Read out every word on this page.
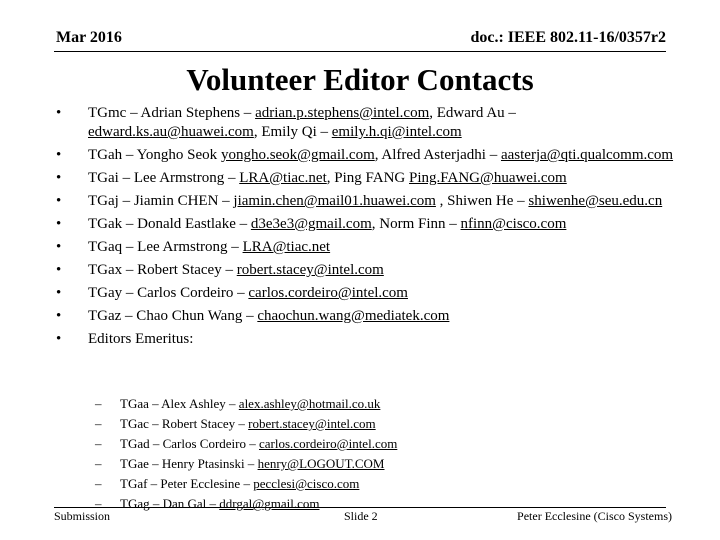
Mar 2016	doc.: IEEE 802.11-16/0357r2
Volunteer Editor Contacts
• TGmc – Adrian Stephens – adrian.p.stephens@intel.com, Edward Au – edward.ks.au@huawei.com, Emily Qi – emily.h.qi@intel.com
• TGah – Yongho Seok yongho.seok@gmail.com, Alfred Asterjadhi – aasterja@qti.qualcomm.com
• TGai – Lee Armstrong – LRA@tiac.net, Ping FANG Ping.FANG@huawei.com
• TGaj – Jiamin CHEN – jiamin.chen@mail01.huawei.com , Shiwen He – shiwenhe@seu.edu.cn
• TGak – Donald Eastlake – d3e3e3@gmail.com, Norm Finn – nfinn@cisco.com
• TGaq – Lee Armstrong – LRA@tiac.net
• TGax – Robert Stacey – robert.stacey@intel.com
• TGay – Carlos Cordeiro – carlos.cordeiro@intel.com
• TGaz – Chao Chun Wang – chaochun.wang@mediatek.com
• Editors Emeritus:
– TGaa – Alex Ashley – alex.ashley@hotmail.co.uk
– TGac – Robert Stacey – robert.stacey@intel.com
– TGad – Carlos Cordeiro – carlos.cordeiro@intel.com
– TGae – Henry Ptasinski – henry@LOGOUT.COM
– TGaf – Peter Ecclesine – pecclesi@cisco.com
– TGag – Dan Gal – ddrgal@gmail.com
Submission	Slide 2	Peter Ecclesine (Cisco Systems)
